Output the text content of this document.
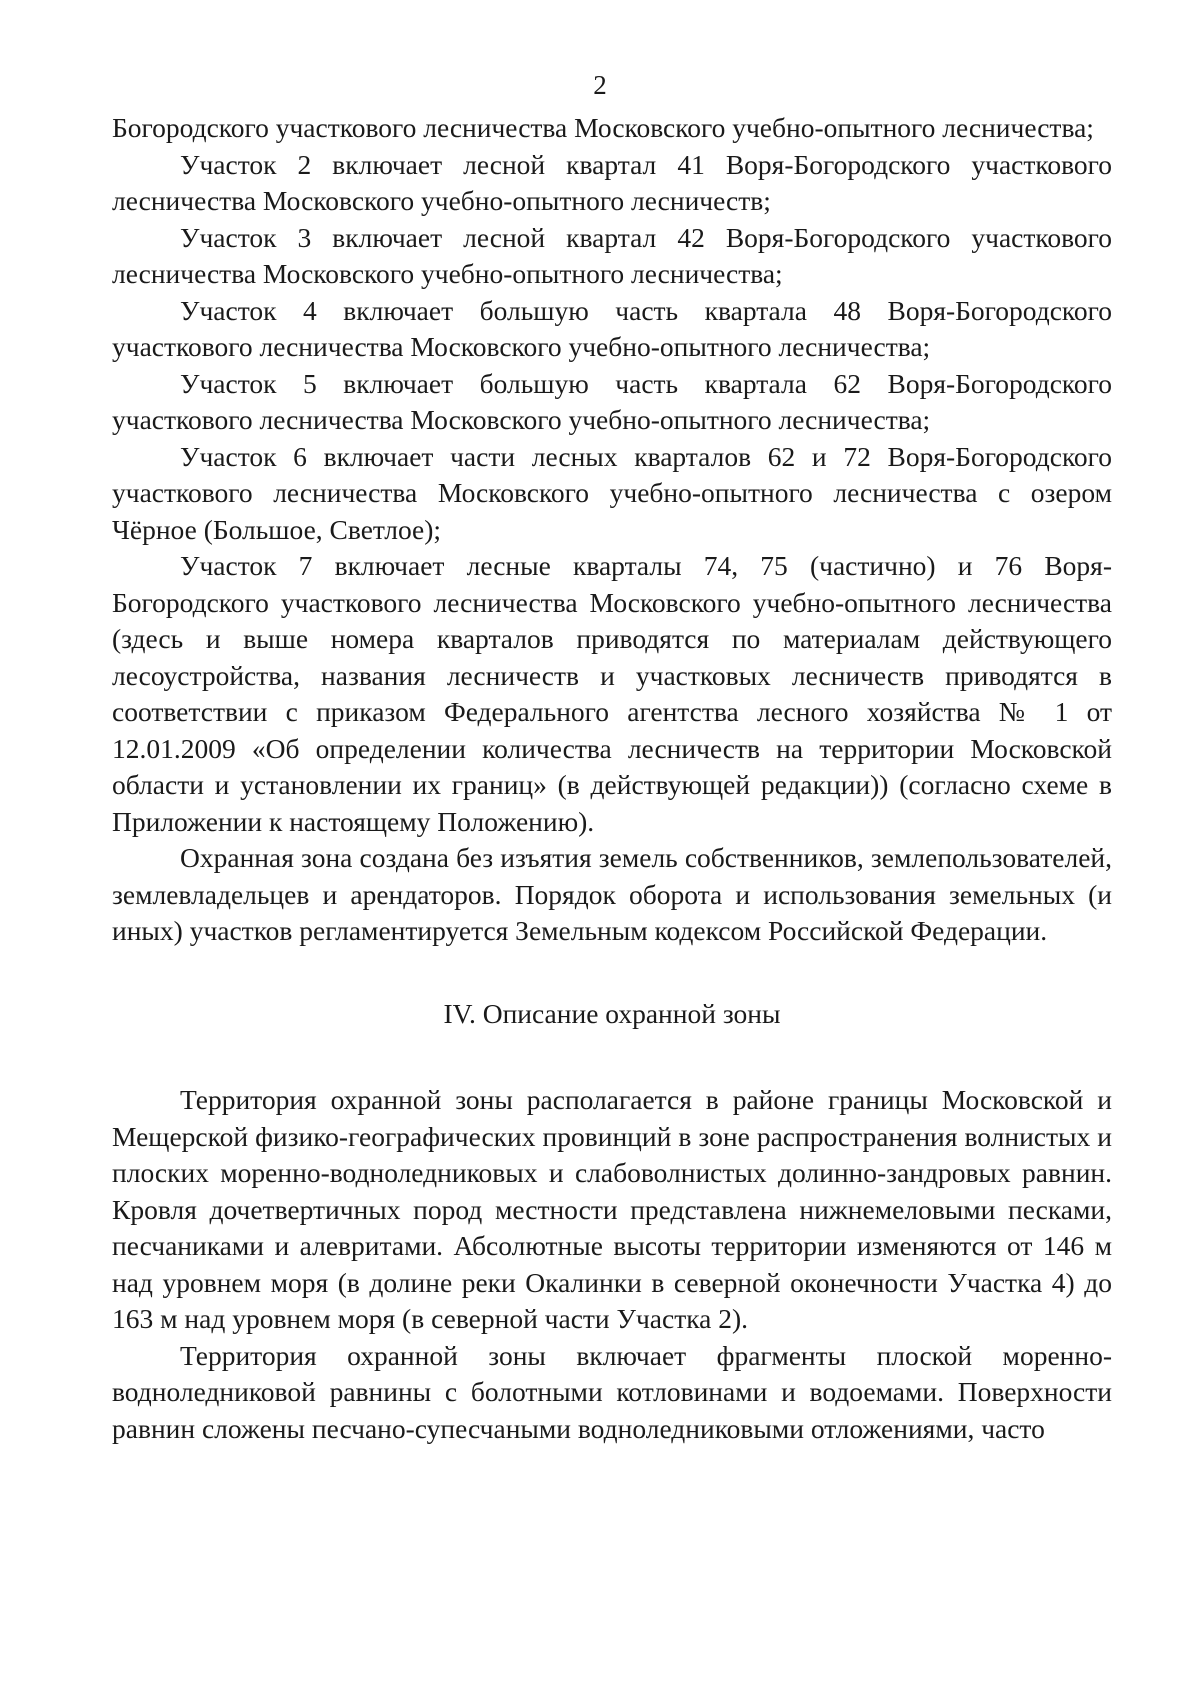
2

Богородского участкового лесничества Московского учебно-опытного лесничества;

Участок 2 включает лесной квартал 41 Воря-Богородского участкового лесничества Московского учебно-опытного лесничеств;

Участок 3 включает лесной квартал 42 Воря-Богородского участкового лесничества Московского учебно-опытного лесничества;

Участок 4 включает большую часть квартала 48 Воря-Богородского участкового лесничества Московского учебно-опытного лесничества;

Участок 5 включает большую часть квартала 62 Воря-Богородского участкового лесничества Московского учебно-опытного лесничества;

Участок 6 включает части лесных кварталов 62 и 72 Воря-Богородского участкового лесничества Московского учебно-опытного лесничества с озером Чёрное (Большое, Светлое);

Участок 7 включает лесные кварталы 74, 75 (частично) и 76 Воря-Богородского участкового лесничества Московского учебно-опытного лесничества (здесь и выше номера кварталов приводятся по материалам действующего лесоустройства, названия лесничеств и участковых лесничеств приводятся в соответствии с приказом Федерального агентства лесного хозяйства № 1 от 12.01.2009 «Об определении количества лесничеств на территории Московской области и установлении их границ» (в действующей редакции)) (согласно схеме в Приложении к настоящему Положению).

Охранная зона создана без изъятия земель собственников, землепользователей, землевладельцев и арендаторов. Порядок оборота и использования земельных (и иных) участков регламентируется Земельным кодексом Российской Федерации.

IV. Описание охранной зоны

Территория охранной зоны располагается в районе границы Московской и Мещерской физико-географических провинций в зоне распространения волнистых и плоских моренно-водноледниковых и слабоволнистых долинно-зандровых равнин. Кровля дочетвертичных пород местности представлена нижнемеловыми песками, песчаниками и алевритами. Абсолютные высоты территории изменяются от 146 м над уровнем моря (в долине реки Окалинки в северной оконечности Участка 4) до 163 м над уровнем моря (в северной части Участка 2).

Территория охранной зоны включает фрагменты плоской моренно-водноледниковой равнины с болотными котловинами и водоемами. Поверхности равнин сложены песчано-супесчаными водноледниковыми отложениями, часто
